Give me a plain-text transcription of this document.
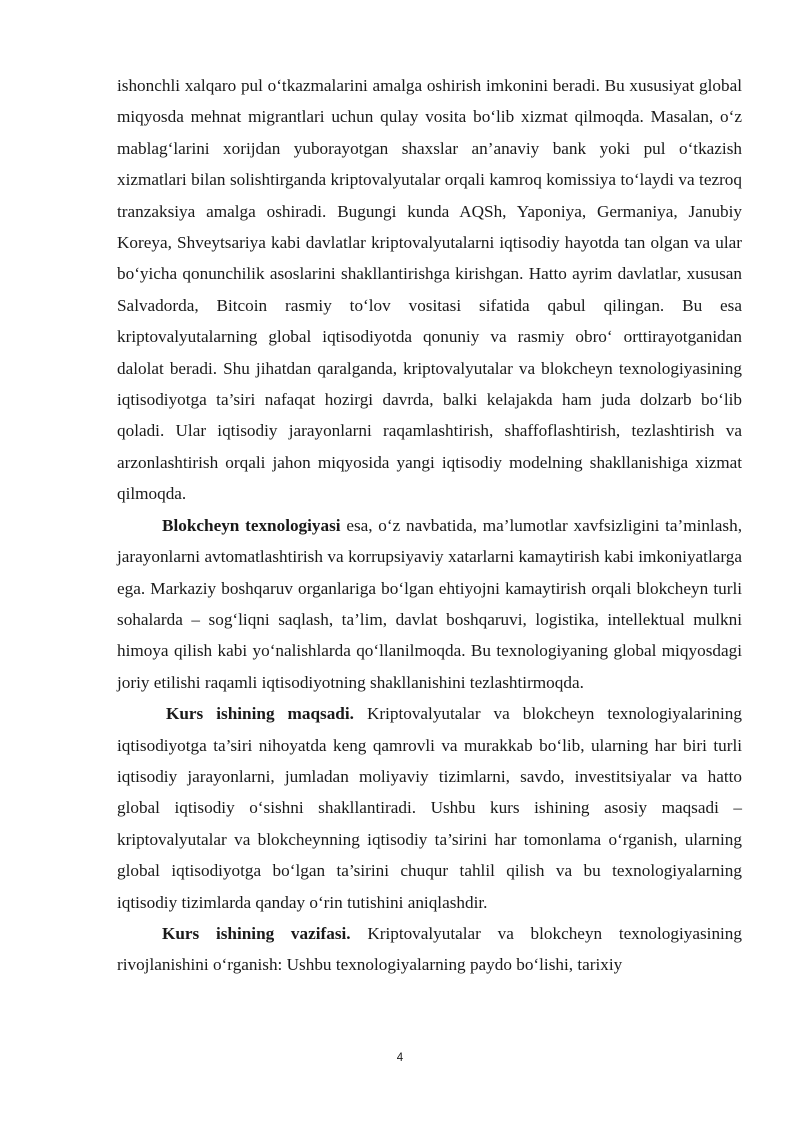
ishonchli xalqaro pul o‘tkazmalarini amalga oshirish imkonini beradi. Bu xususiyat global miqyosda mehnat migrantlari uchun qulay vosita bo‘lib xizmat qilmoqda. Masalan, o‘z mablag‘larini xorijdan yuborayotgan shaxslar an’anaviy bank yoki pul o‘tkazish xizmatlari bilan solishtirganda kriptovalyutalar orqali kamroq komissiya to‘laydi va tezroq tranzaksiya amalga oshiradi. Bugungi kunda AQSh, Yaponiya, Germaniya, Janubiy Koreya, Shveytsariya kabi davlatlar kriptovalyutalarni iqtisodiy hayotda tan olgan va ular bo‘yicha qonunchilik asoslarini shakllantirishga kirishgan. Hatto ayrim davlatlar, xususan Salvadorda, Bitcoin rasmiy to‘lov vositasi sifatida qabul qilingan. Bu esa kriptovalyutalarning global iqtisodiyotda qonuniy va rasmiy obro‘ orttirayotganidan dalolat beradi. Shu jihatdan qaralganda, kriptovalyutalar va blokcheyn texnologiyasining iqtisodiyotga ta’siri nafaqat hozirgi davrda, balki kelajakda ham juda dolzarb bo‘lib qoladi. Ular iqtisodiy jarayonlarni raqamlashtirish, shaffoflashtirish, tezlashtirish va arzonlashtirish orqali jahon miqyosida yangi iqtisodiy modelning shakllanishiga xizmat qilmoqda.

Blokcheyn texnologiyasi esa, o‘z navbatida, ma’lumotlar xavfsizligini ta’minlash, jarayonlarni avtomatlashtirish va korrupsiyaviy xatarlarni kamaytirish kabi imkoniyatlarga ega. Markaziy boshqaruv organlariga bo‘lgan ehtiyojni kamaytirish orqali blokcheyn turli sohalarda – sog‘liqni saqlash, ta’lim, davlat boshqaruvi, logistika, intellektual mulkni himoya qilish kabi yo‘nalishlarda qo‘llanilmoqda. Bu texnologiyaning global miqyosdagi joriy etilishi raqamli iqtisodiyotning shakllanishini tezlashtirmoqda.

Kurs ishining maqsadi. Kriptovalyutalar va blokcheyn texnologiyalarining iqtisodiyotga ta’siri nihoyatda keng qamrovli va murakkab bo‘lib, ularning har biri turli iqtisodiy jarayonlarni, jumladan moliyaviy tizimlarni, savdo, investitsiyalar va hatto global iqtisodiy o‘sishni shakllantiradi. Ushbu kurs ishining asosiy maqsadi – kriptovalyutalar va blokcheynning iqtisodiy ta’sirini har tomonlama o‘rganish, ularning global iqtisodiyotga bo‘lgan ta’sirini chuqur tahlil qilish va bu texnologiyalarning iqtisodiy tizimlarda qanday o‘rin tutishini aniqlashdir.

Kurs ishining vazifasi. Kriptovalyutalar va blokcheyn texnologiyasining rivojlanishini o‘rganish: Ushbu texnologiyalarning paydo bo‘lishi, tarixiy

4
